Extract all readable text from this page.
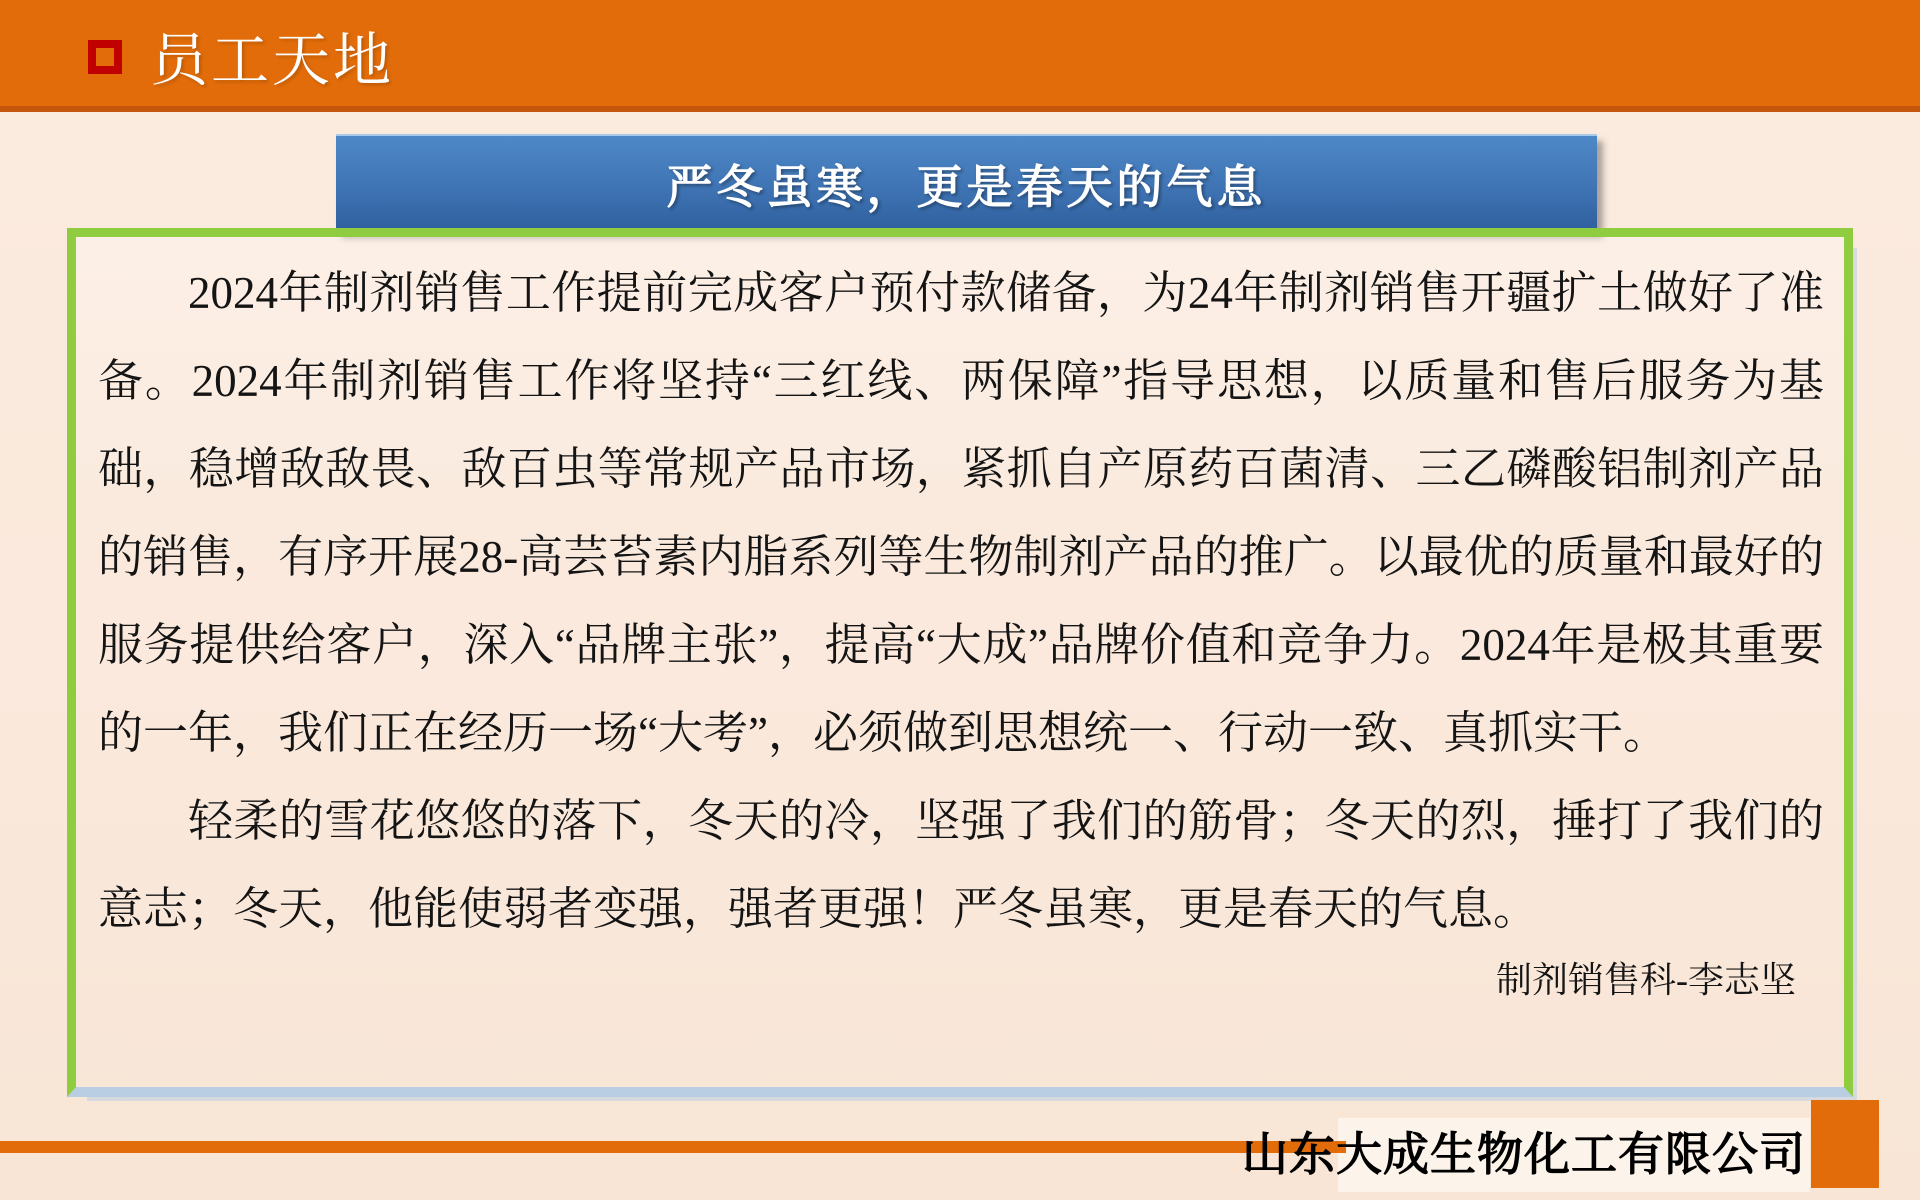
员工天地
严冬虽寒，更是春天的气息

2024年制剂销售工作提前完成客户预付款储备，为24年制剂销售开疆扩土做好了准备。2024年制剂销售工作将坚持“三红线、两保障”指导思想，以质量和售后服务为基础，稳增敌敌畏、敌百虫等常规产品市场，紧抓自产原药百菌清、三乙磷酸铝制剂产品的销售，有序开展28-高芸苔素内脂系列等生物制剂产品的推广。以最优的质量和最好的服务提供给客户，深入“品牌主张”，提高“大成”品牌价值和竞争力。2024年是极其重要的一年，我们正在经历一场“大考”，必须做到思想统一、行动一致、真抓实干。

轻柔的雪花悠悠的落下，冬天的冷，坚强了我们的筋骨；冬天的烈，捶打了我们的意志；冬天，他能使弱者变强，强者更强！严冬虽寒，更是春天的气息。

制剂销售科-李志坚
山东大成生物化工有限公司
